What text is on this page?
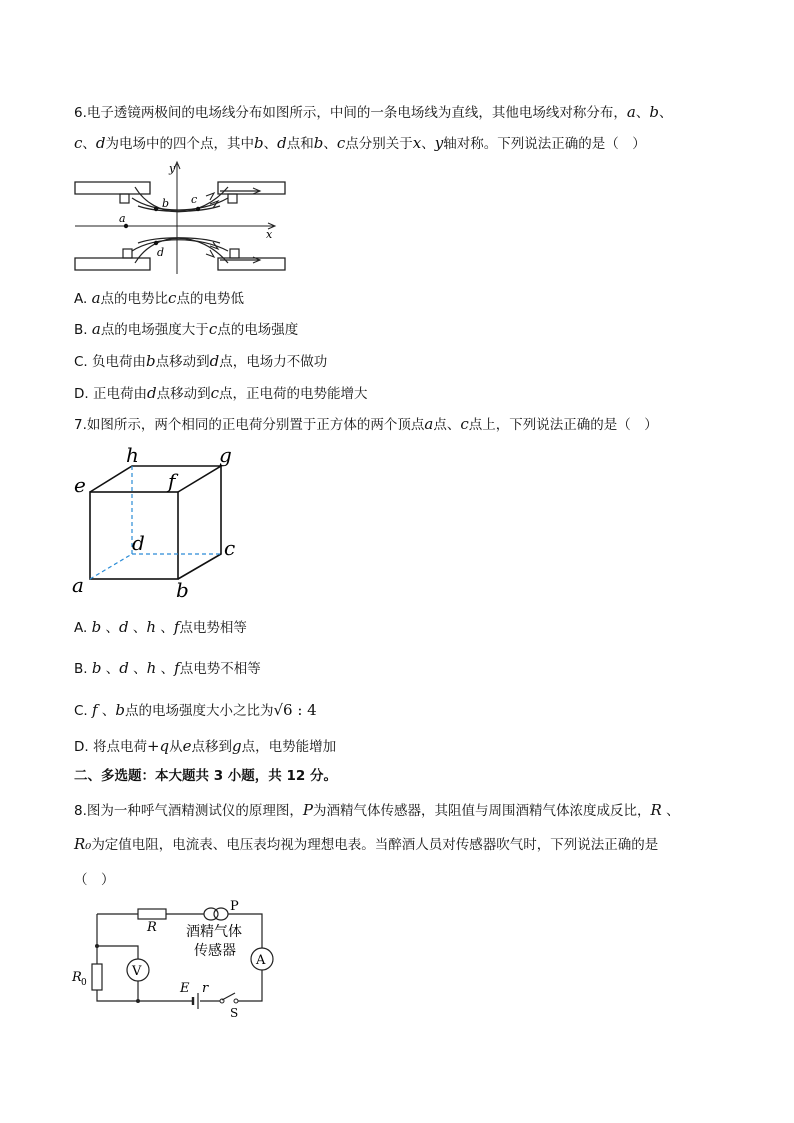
6.电子透镜两极间的电场线分布如图所示，中间的一条电场线为直线，其他电场线对称分布，a、b、
c、d为电场中的四个点，其中b、d点和b、c点分别关于x、y轴对称。下列说法正确的是（　）
y
x
a
b c
d
A. a点的电势比c点的电势低
B. a点的电场强度大于c点的电场强度
C. 负电荷由b点移动到d点，电场力不做功
D. 正电荷由d点移动到c点，正电荷的电势能增大
7.如图所示，两个相同的正电荷分别置于正方体的两个顶点a点、c点上，下列说法正确的是（　）
e
h	g
f
d	c
a	b
A. b 、d 、h 、f点电势相等
B. b 、d 、h 、f点电势不相等
C. f 、b点的电场强度大小之比为√6 : 4
D. 将点电荷+q从e点移到g点，电势能增加
二、多选题：本大题共 3 小题，共 12 分。
8.图为一种呼气酒精测试仪的原理图，P为酒精气体传感器，其阻值与周围酒精气体浓度成反比，R 、
R₀为定值电阻，电流表、电压表均视为理想电表。当醉酒人员对传感器吹气时，下列说法正确的是
（　）
A
S
E r
R 0
V
R
P
酒精气体
传感器
